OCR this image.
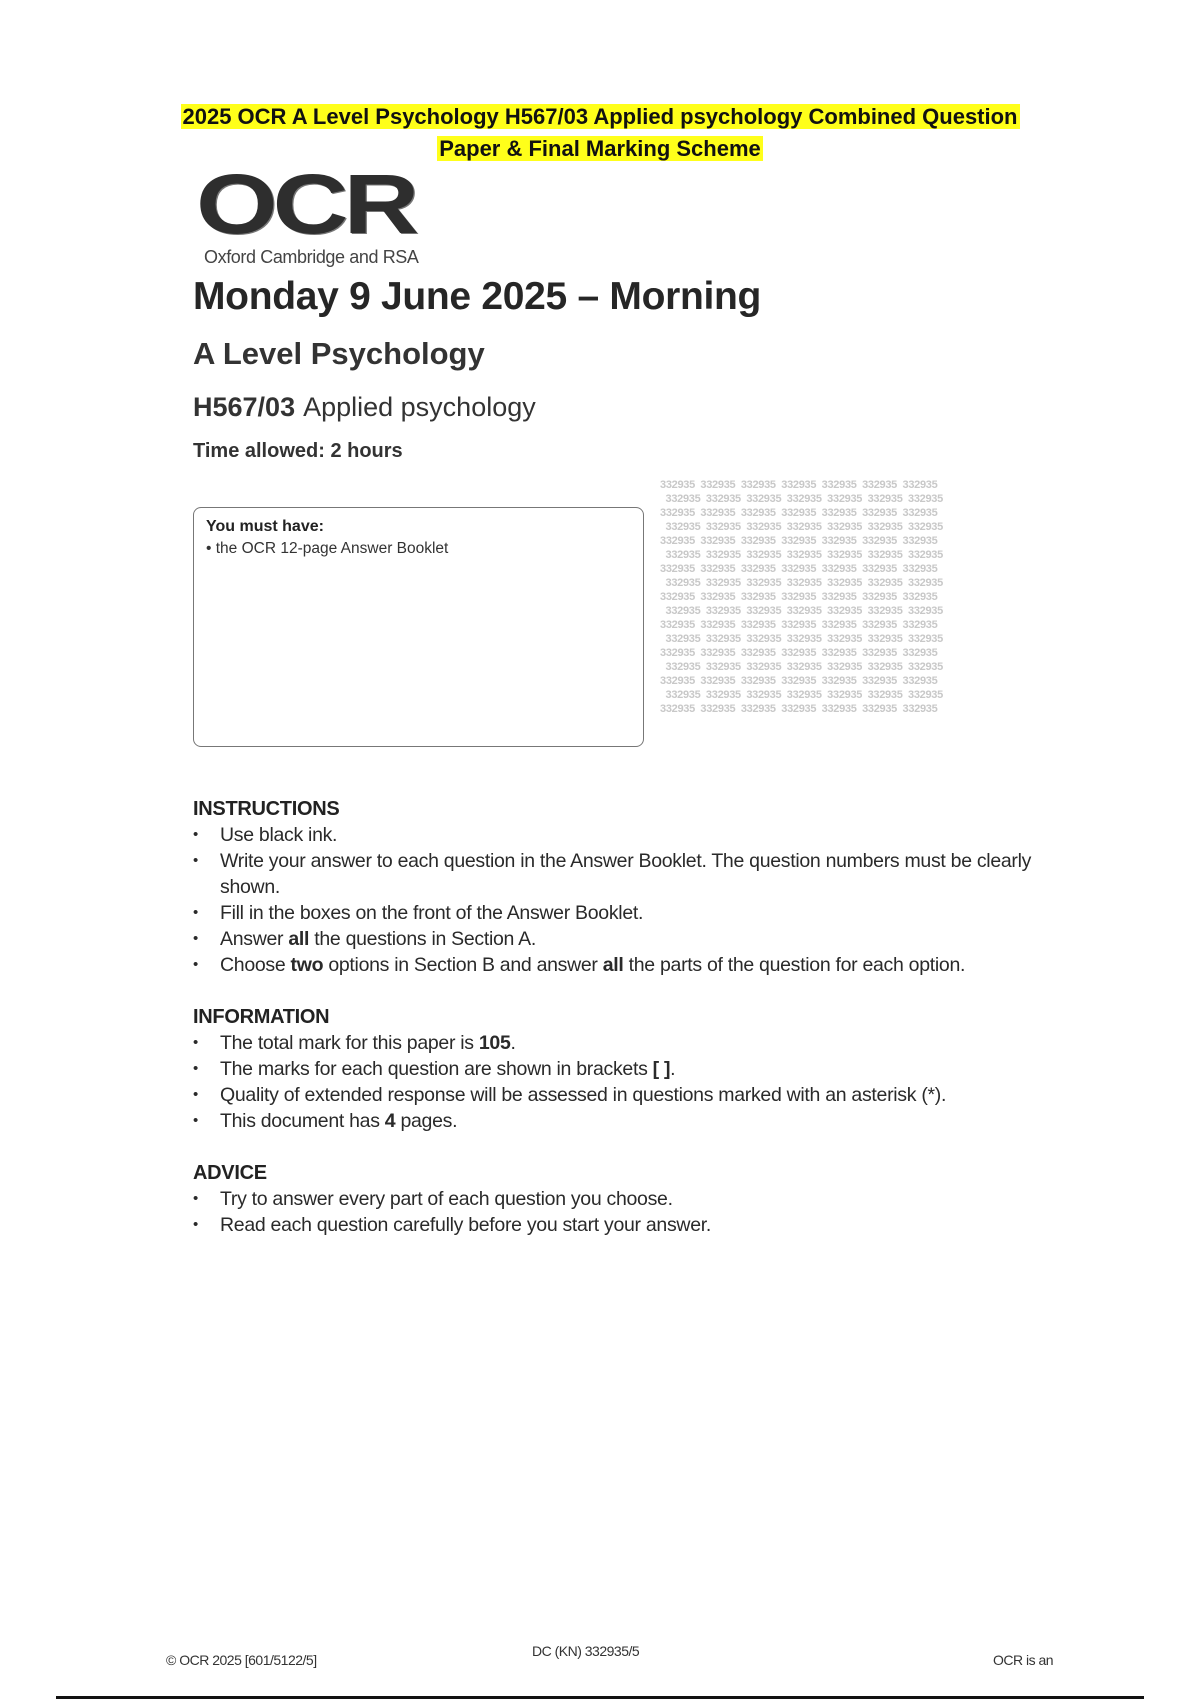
2025 OCR A Level Psychology H567/03 Applied psychology Combined Question
Paper & Final Marking Scheme
OCR
Oxford Cambridge and RSA
332935  332935  332935  332935  332935  332935  332935
332935  332935  332935  332935  332935  332935  332935
332935  332935  332935  332935  332935  332935  332935
332935  332935  332935  332935  332935  332935  332935
332935  332935  332935  332935  332935  332935  332935
332935  332935  332935  332935  332935  332935  332935
332935  332935  332935  332935  332935  332935  332935
332935  332935  332935  332935  332935  332935  332935
332935  332935  332935  332935  332935  332935  332935
332935  332935  332935  332935  332935  332935  332935
332935  332935  332935  332935  332935  332935  332935
332935  332935  332935  332935  332935  332935  332935
332935  332935  332935  332935  332935  332935  332935
332935  332935  332935  332935  332935  332935  332935
332935  332935  332935  332935  332935  332935  332935
332935  332935  332935  332935  332935  332935  332935
332935  332935  332935  332935  332935  332935  332935
Monday 9 June 2025 – Morning
A Level Psychology
H567/03 Applied psychology
Time allowed: 2 hours
You must have:
• the OCR 12-page Answer Booklet
INSTRUCTIONS
• Use black ink.
• Write your answer to each question in the Answer Booklet. The question numbers must be clearly shown.
• Fill in the boxes on the front of the Answer Booklet.
• Answer all the questions in Section A.
• Choose two options in Section B and answer all the parts of the question for each option.
INFORMATION
• The total mark for this paper is 105.
• The marks for each question are shown in brackets [ ].
• Quality of extended response will be assessed in questions marked with an asterisk (*).
• This document has 4 pages.
ADVICE
• Try to answer every part of each question you choose.
• Read each question carefully before you start your answer.
© OCR 2025 [601/5122/5]
DC (KN) 332935/5
OCR is an
